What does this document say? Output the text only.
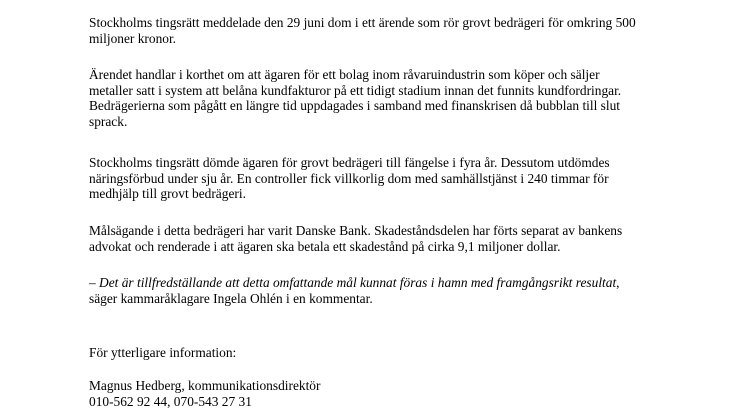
Stockholms tingsrätt meddelade den 29 juni dom i ett ärende som rör grovt bedrägeri för omkring 500
miljoner kronor.

Ärendet handlar i korthet om att ägaren för ett bolag inom råvaruindustrin som köper och säljer
metaller satt i system att belåna kundfakturor på ett tidigt stadium innan det funnits kundfordringar.
Bedrägerierna som pågått en längre tid uppdagades i samband med finanskrisen då bubblan till slut
sprack.

Stockholms tingsrätt dömde ägaren för grovt bedrägeri till fängelse i fyra år. Dessutom utdömdes
näringsförbud under sju år. En controller fick villkorlig dom med samhällstjänst i 240 timmar för
medhjälp till grovt bedrägeri.

Målsägande i detta bedrägeri har varit Danske Bank. Skadeståndsdelen har förts separat av bankens
advokat och renderade i att ägaren ska betala ett skadestånd på cirka 9,1 miljoner dollar.

– Det är tillfredställande att detta omfattande mål kunnat föras i hamn med framgångsrikt resultat,
säger kammaråklagare Ingela Ohlén i en kommentar.

För ytterligare information:

Magnus Hedberg, kommunikationsdirektör
010-562 92 44, 070-543 27 31
